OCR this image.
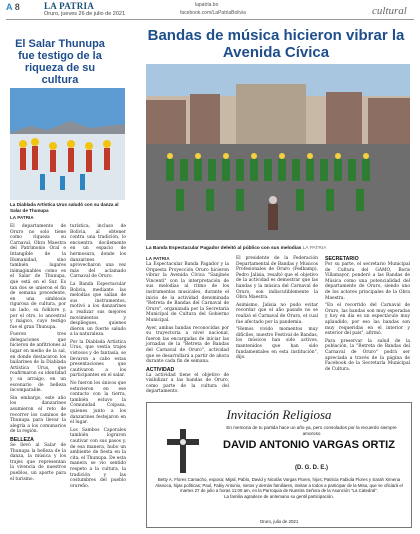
A 8	LA PATRIA
Oruro, jueves 26 de julio de 2021
lapatria.bo
facebook.com/LaPatriaBolivia	cultural
El Salar Thunupa fue testigo de la riqueza de su cultura
La Diablada Artística Urus saludó con su danza al Salar de Thunupa
LA PATRIA

El departamento de Oruro no solo tiene como riqueza su Carnaval, Obra Maestra del Patrimonio Oral e Intangible de la Humanidad, sino también lugares inimaginables como es el Salar de Thunupa, que está en el Sur. Es tan dos se unieron el fin de semana precedente, en una simbiosis rigurosa de cultura, por un lado, su folklore y, por el otro, lo ancestral y mágico, cuyo testigo fue el gran Thunupa.

Fueron tres delegaciones que hicieron de anfitriones al lugar en medio de la sal, en donde destacaron los bailarines de la Diablada Artística Urus, que reafirmaron su identidad y su arraigo, en un escenario de belleza incomparable.

Sin embargo, este año los danzarines asumieron el reto de recorrer los caminos de Thunupa para llevar la alegría a los comunarios de la región.

BELLEZA

Se llevó al Salar de Thunupa la belleza de la danza, la música y los trajes que representan la vivencia de nuestros pueblos, un aporte para el turismo.

turística, incluso de Bolivia, al obtener contra una tradición, lo encuentra docilemente en un espacio de hermosura, donde los danzarines aprovecharon una vez más del aclamado Carnaval de Oruro.

La Banda Espectacular Bolivia, mediante las melodías que salían de sus instrumentos, motivó a los danzarines a realizar sus mejores movimientos y despliegues, quienes dieron un fuerte saludo a la naturaleza.

Por la Diablada Artística Urus, que vestía trajes vistosos y de fantasía, se llevaron a cabo estas presentaciones que cautivaron a los participantes en el salar.

No fueron los únicos que estuvieron en ese contacto con la tierra, también estuvo la Comunidad Coipasa, quienes junto a los danzarines festejaron en el lugar.

Los Sambos Caporales también lograron cautivar con sus pasos y, de esa manera, hubo un ambiente de fiesta en la cita, el Thunupa. De esta manera se vio sentido respeto a la cultura, la tradición y las costumbres del pueblo orureño.

Bandas de música hicieron vibrar la Avenida Cívica
La Banda Espectacular Pagador deleitó al público con sus melodías LA PATRIA
LA PATRIA

La Espectacular Banda Pagador y la Orquesta Proyección Oruro hicieron vibrar la Avenida Cívica "Sanjinés Vincenti" con la interpretación de sus melodías al ritmo de los instrumentos musicales, durante el inicio de la actividad denominada "Retreta de Bandas del Carnaval de Oruro", organizada por la Secretaría Municipal de Cultura del Gobierno Municipal.

Ayer, ambas bandas reconocidas por su trayectoria a nivel nacional, fueron las encargadas de iniciar las jornadas de la "Retreta de Bandas del Carnaval de Oruro", actividad que se desarrollará a partir de ahora durante cada fin de semana.

ACTIVIDAD

La actividad tiene el objetivo de visibilizar a las bandas de Oruro, como parte de la cultura del departamento.

El presidente de la Federación Departamental de Bandas y Músicos Profesionales de Oruro (Fedbamp), Pedro Jalisia, resaltó que el objetivo de la actividad es demostrar que las bandas y la música del Carnaval de Oruro, son indiscutiblemente la Obra Maestra.

Asimismo, Jalisia no pudo evitar recordar que el año pasado no se realizó el Carnaval de Oruro, el cual fue afectado por la pandemia.

"Hemos vivido momentos muy difíciles, nuestro Festival de Bandas, los músicos han sido activos, mantenidos que han sido fundamentales en esta institución", dijo.

SECRETARIO

Por su parte, el secretario Municipal de Cultura del GAMO, Boris Villamayor, ponderó a las Bandas de Música como una potencialidad del departamento de Oruro, siendo uno de los actores principales de la Obra Maestra.

"En el recorrido del Carnaval de Oruro, las bandas son muy esperadas y hoy en día es un espectáculo muy aplaudido, por eso las bandas son muy requeridas en el interior y exterior del país", afirmó.

Para preservar la salud de la población, la "Retreta de Bandas del Carnaval de Oruro" podrá ser apreciada a través de la página de Facebook de la Secretaría Municipal de Cultura.

Invitación Religiosa
En memoria de tu partida hace un año ya, pero consolados por la recuerdo siempre amoroso
DAVID ANTONIO VARGAS ORTIZ
(D. G. D. E.)
Betty A. Flores Camacho, esposa; Mijail, Pablo, David y Nicolás Vargas Flores, hijos; Patricia Fabiola Flores y Sarah Ximena Alanoca, hijas políticas; Paul, Fabiy Antonio, nietos y demás familiares, invitan a todos a participar de la Misa, que se oficiará el martes 27 de julio a horas 11:00 am, en la Parroquia de Nuestra Señora de la Asunción "La Catedral".
La familia agradece de antemano su gentil participación.
Oruro, julio de 2021
